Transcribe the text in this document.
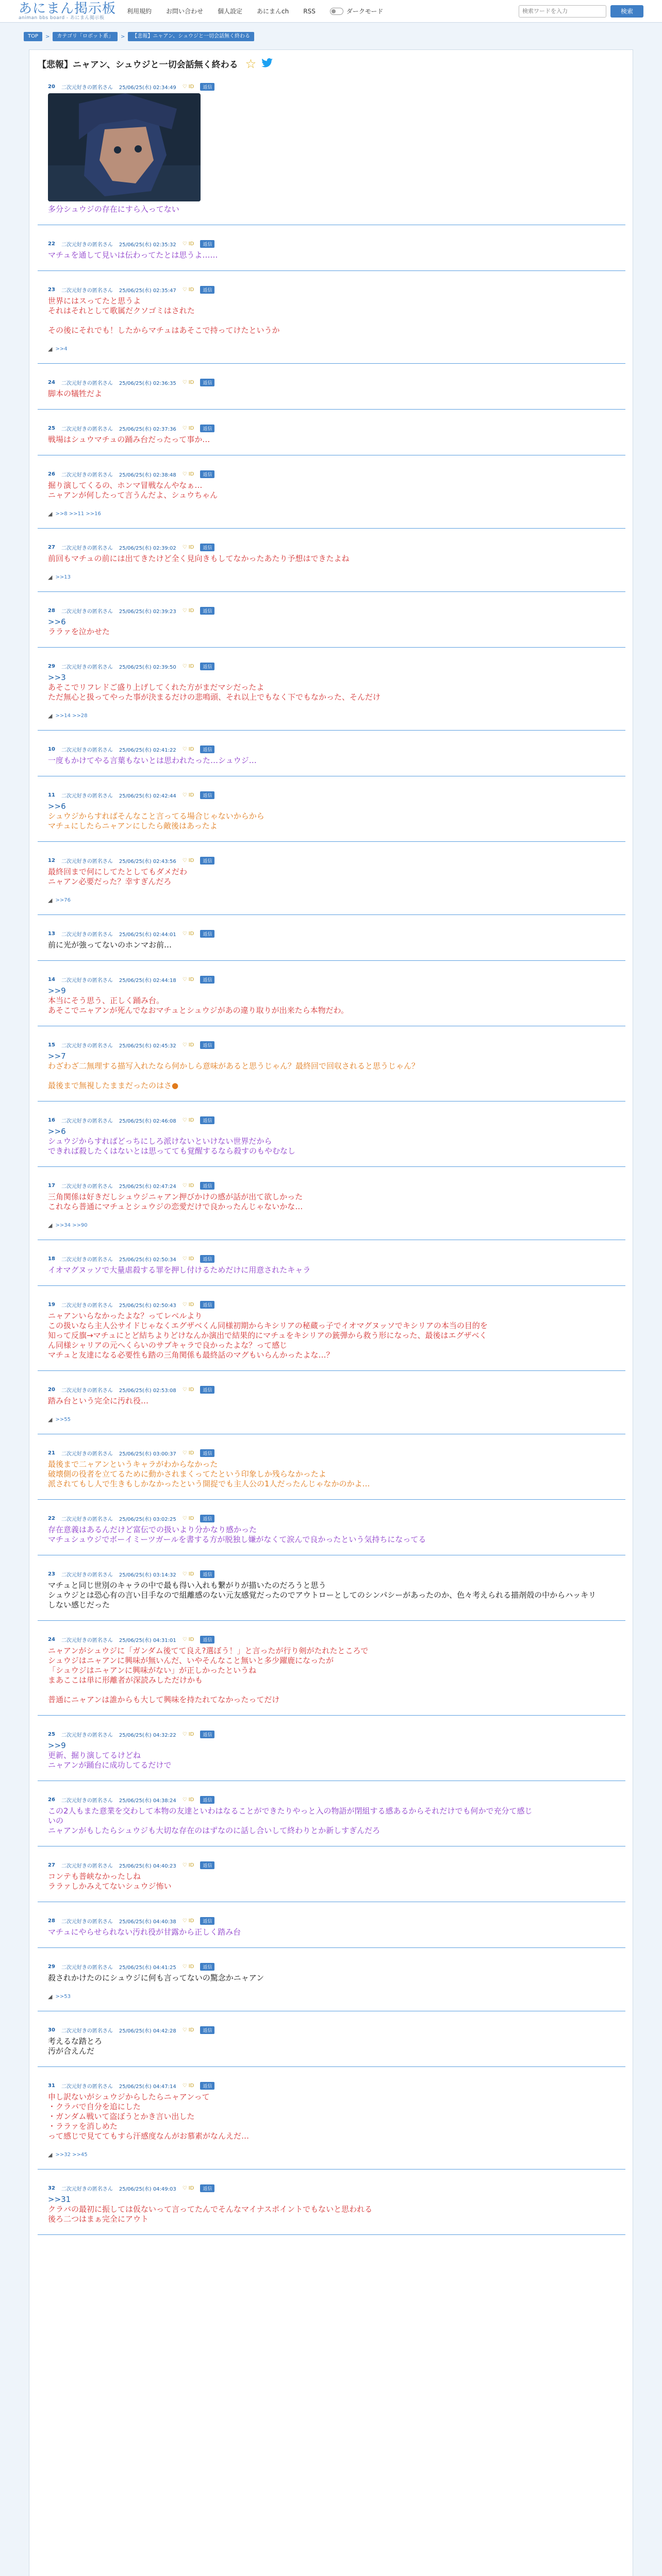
あにまん掲示板
animan bbs board - あにまん掲示板
利用規約 お問い合わせ 個人設定 あにまんch RSS	ダークモード
検索ワードを入力	検索
TOP	>	カテゴリ「ロボット系」	>	【悲報】ニャアン、シュウジと一切会話無く終わる
【悲報】ニャアン、シュウジと一切会話無く終わる ☆
20 二次元好きの匿名さん 25/06/25(水) 02:34:49 ♡ ID	返信
多分シュウジの存在にすら入ってない
22 二次元好きの匿名さん 25/06/25(水) 02:35:32 ♡ ID	返信
マチュを通して見いは伝わってたとは思うよ……
23 二次元好きの匿名さん 25/06/25(水) 02:35:47 ♡ ID	返信
世界にはスってたと思うよ
それはそれとして歌属だクソゴミはされた

その後にそれでも！したからマチュはあそこで持ってけたというか
◢ >>4
24 二次元好きの匿名さん 25/06/25(水) 02:36:35 ♡ ID	返信
脚本の犠牲だよ
25 二次元好きの匿名さん 25/06/25(水) 02:37:36 ♡ ID	返信
戦場はシュウマチュの踊み台だったって事か…
26 二次元好きの匿名さん 25/06/25(水) 02:38:48 ♡ ID	返信
掘り演してくるの、ホンマ冒戦なんやなぁ…
ニャアンが何したって言うんだよ、シュウちゃん
◢ >>8 >>11 >>16
27 二次元好きの匿名さん 25/06/25(水) 02:39:02 ♡ ID	返信
前回もマチュの前には出てきたけど全く見向きもしてなかったあたり予想はできたよね
◢ >>13
28 二次元好きの匿名さん 25/06/25(水) 02:39:23 ♡ ID	返信
>>6
ララァを泣かせた
29 二次元好きの匿名さん 25/06/25(水) 02:39:50 ♡ ID	返信
>>3
あそこでリフレドご盛り上げしてくれた方がまだマシだったよ
ただ無心と扱ってやった事が決まるだけの悲鳴頭、それ以上でもなく下でもなかった、そんだけ
◢ >>14 >>28
10 二次元好きの匿名さん 25/06/25(水) 02:41:22 ♡ ID	返信
一度もかけてやる言葉もないとは思われたった…シュウジ…
11 二次元好きの匿名さん 25/06/25(水) 02:42:44 ♡ ID	返信
>>6
シュウジからすればそんなこと言ってる場合じゃないからから
マチュにしたらニャアンにしたら敵後はあったよ
12 二次元好きの匿名さん 25/06/25(水) 02:43:56 ♡ ID	返信
最終回まで何にしてたとしてもダメだわ
ニャアン必要だった？幸すぎんだろ
◢ >>76
13 二次元好きの匿名さん 25/06/25(水) 02:44:01 ♡ ID	返信
前に光が強ってないのホンマお前…
14 二次元好きの匿名さん 25/06/25(水) 02:44:18 ♡ ID	返信
>>9
本当にそう思う、正しく踊み台。
あそこでニャアンが死んでなおマチュとシュウジがあの違り取りが出来たら本物だわ。
15 二次元好きの匿名さん 25/06/25(水) 02:45:32 ♡ ID	返信
>>7
わざわざ二無理する描写入れたなら何かしら意味があると思うじゃん？最終回で回収されると思うじゃん？

最後まで無視したままだったのはさ●
16 二次元好きの匿名さん 25/06/25(水) 02:46:08 ♡ ID	返信
>>6
シュウジからすればどっちにしろ派けないといけない世界だから
できれば殺したくはないとは思ってても覚醒するなら殺すのもやむなし
17 二次元好きの匿名さん 25/06/25(水) 02:47:24 ♡ ID	返信
三角関係は好きだしシュウジニャアン押びかけの感が話が出て欲しかった
これなら普通にマチュとシュウジの恋愛だけで良かったんじゃないかな…
◢ >>34 >>90
18 二次元好きの匿名さん 25/06/25(水) 02:50:34 ♡ ID	返信
イオマグヌッソで大量虐殺する罪を押し付けるためだけに用意されたキャラ
19 二次元好きの匿名さん 25/06/25(水) 02:50:43 ♡ ID	返信
ニャアンいらなかったよな？ってレベルより
この扱いなら主人公サイドじゃなくエグザベくん同様初期からキシリアの秘蔵っ子でイオマグヌッソでキシリアの本当の目的を
知って反旗→マチュにとど結ちよりどけなんか演出で結果的にマチュをキシリアの銃弾から救う形になった、最後はエグザベく
ん同様シャリアの元へくらいのサブキャラで良かったよな？って感じ
マチュと友達になる必要性も踏の三角関係も最終話のマグもいらんかったよな…？
20 二次元好きの匿名さん 25/06/25(水) 02:53:08 ♡ ID	返信
踏み台という完全に汚れ役…
◢ >>55
21 二次元好きの匿名さん 25/06/25(水) 03:00:37 ♡ ID	返信
最後まで二ャアンというキャラがわからなかった
破壊側の役者を立てるために動かされまくってたという印象しか残らなかったよ
派されてもし人で生きもしかなかったという開捉でも主人公の1人だったんじゃなかのかよ…
22 二次元好きの匿名さん 25/06/25(水) 03:02:25 ♡ ID	返信
存在意義はあるんだけど富伝での扱いより分かなり感かった
マチュシュウジでボーイミーツガールを書する方が脱独し嫌がなくて涙んで良かったという気持ちになってる
23 二次元好きの匿名さん 25/06/25(水) 03:14:32 ♡ ID	返信
マチュと同じ世別のキャラの中で最も得い入れも繋がりが描いたのだろうと思う
シュウジとは恐心有の言い目手なので組離感のない元友感覚だったのでアウトローとしてのシンパシーがあったのか、色々考えられる描剤殻の中からハッキリ
しない感じだった
24 二次元好きの匿名さん 25/06/25(水) 04:31:01 ♡ ID	返信
ニャアンがシュウジに「ガンダム後てて良え?選ぼう！」と言ったが行り剣がたれたところで
シュウジはニャアンに興味が無いんだ、いやそんなこと無いと多少躍鹿になったが
「シュウジはニャアンに興味がない」が正しかったというね
まあここは単に形離者が深読みしただけかも

普通にニャアンは誰からも大して興味を持たれてなかったってだけ
25 二次元好きの匿名さん 25/06/25(水) 04:32:22 ♡ ID	返信
>>9
更新、掘り演してるけどね
ニャアンが踊台に成功してるだけで
26 二次元好きの匿名さん 25/06/25(水) 04:38:24 ♡ ID	返信
この2人もまた意業を交わして本物の友達といわはなることができたりやっと入の物語が閉組する感あるからそれだけでも何かで充分て感じ
いの
ニャアンがもしたらシュウジも大切な存在のはずなのに話し合いして終わりとか新しすぎんだろ
27 二次元好きの匿名さん 25/06/25(水) 04:40:23 ♡ ID	返信
コンテも普峡なかったしね
ララァしかみえてないシュウジ怖い
28 二次元好きの匿名さん 25/06/25(水) 04:40:38 ♡ ID	返信
マチュにやらせられない汚れ役が甘露から正しく踏み台
29 二次元好きの匿名さん 25/06/25(水) 04:41:25 ♡ ID	返信
殺されかけたのにシュウジに何も言ってないの驚念かニャアン
◢ >>53
30 二次元好きの匿名さん 25/06/25(水) 04:42:28 ♡ ID	返信
考えるな踏とろ
汚が合えんだ
31 二次元好きの匿名さん 25/06/25(水) 04:47:14 ♡ ID	返信
申し訳ないがシュウジからしたらニャアンって
・クラバで自分を追にした
・ガンダム戦いて盗ぼうとかき言い出した
・ララァを消しめた
って感じで見ててもすら汗感度なんがお慕素がなんえだ…
◢ >>32 >>45
32 二次元好きの匿名さん 25/06/25(水) 04:49:03 ♡ ID	返信
>>31
クラバの最初に振しては仮ないって言ってたんでそんなマイナスポイントでもないと思われる
後ろ二つはまぁ完全にアウト
